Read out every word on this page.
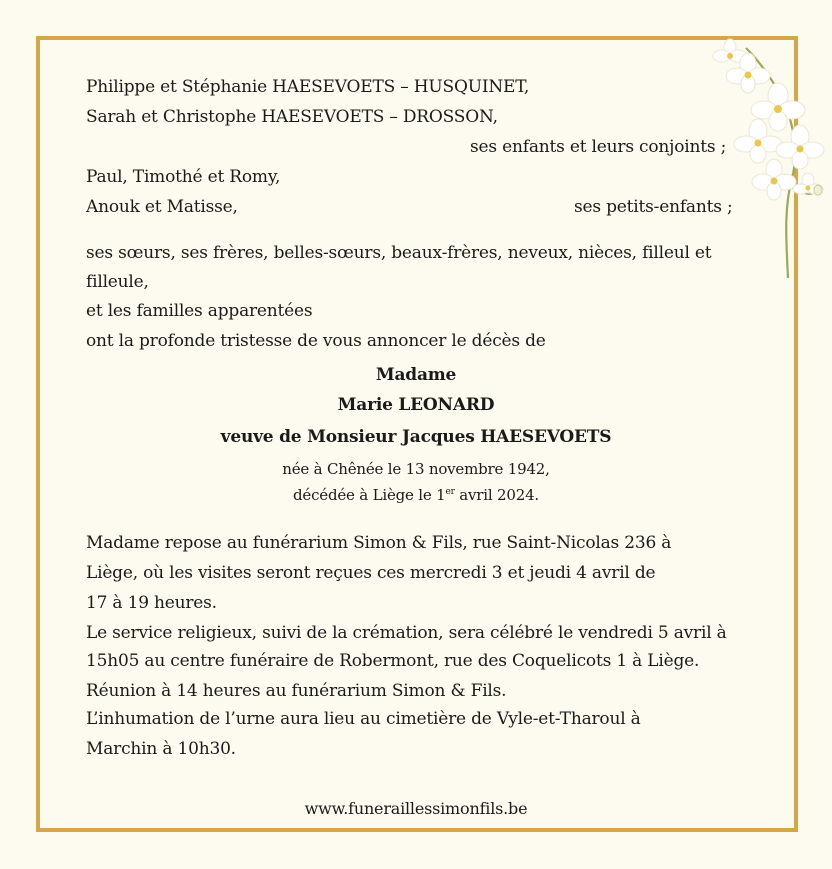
Philippe et Stéphanie HAESEVOETS – HUSQUINET,
Sarah et Christophe HAESEVOETS – DROSSON,
ses enfants et leurs conjoints ;
Paul, Timothé et Romy,
Anouk et Matisse,	ses petits-enfants ;
ses sœurs, ses frères, belles-sœurs, beaux-frères, neveux, nièces, filleul et
filleule,
et les familles apparentées
ont la profonde tristesse de vous annoncer le décès de
Madame
Marie LEONARD
veuve de Monsieur Jacques HAESEVOETS
née à Chênée le 13 novembre 1942,
décédée à Liège le 1er avril 2024.
Madame repose au funérarium Simon & Fils, rue Saint-Nicolas 236 à
Liège, où les visites seront reçues ces mercredi 3 et jeudi 4 avril de
17 à 19 heures.
Le service religieux, suivi de la crémation, sera célébré le vendredi 5 avril à
15h05 au centre funéraire de Robermont, rue des Coquelicots 1 à Liège.
Réunion à 14 heures au funérarium Simon & Fils.
L’inhumation de l’urne aura lieu au cimetière de Vyle-et-Tharoul à
Marchin à 10h30.
www.funeraillessimonfils.be
